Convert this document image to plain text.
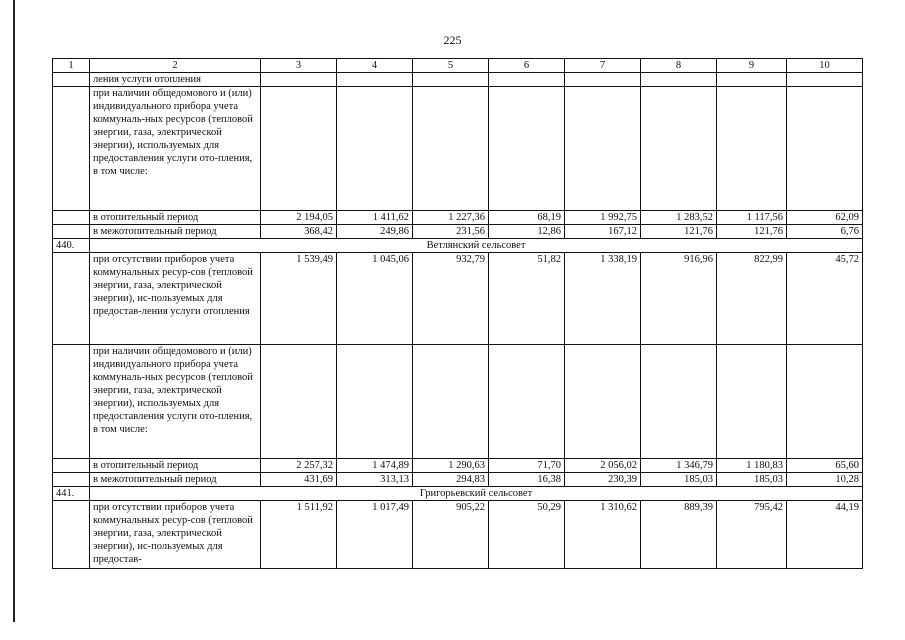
225
1	2	3	4	5	6	7	8	9	10
	ления услуги отопления								
	при наличии общедомового и (или) индивидуального прибора учета коммуналь-ных ресурсов (тепловой энергии, газа, электрической энергии), используемых для предоставления услуги ото-пления, в том числе:								
	в отопительный период	2 194,05	1 411,62	1 227,36	68,19	1 992,75	1 283,52	1 117,56	62,09
	в межотопительный период	368,42	249,86	231,56	12,86	167,12	121,76	121,76	6,76
440.	Ветлянский сельсовет								
	при отсутствии приборов учета коммунальных ресур-сов (тепловой энергии, газа, электрической энергии), ис-пользуемых для предостав-ления услуги отопления	1 539,49	1 045,06	932,79	51,82	1 338,19	916,96	822,99	45,72
	при наличии общедомового и (или) индивидуального прибора учета коммуналь-ных ресурсов (тепловой энергии, газа, электрической энергии), используемых для предоставления услуги ото-пления, в том числе:								
	в отопительный период	2 257,32	1 474,89	1 290,63	71,70	2 056,02	1 346,79	1 180,83	65,60
	в межотопительный период	431,69	313,13	294,83	16,38	230,39	185,03	185,03	10,28
441.	Григорьевский сельсовет								
	при отсутствии приборов учета коммунальных ресур-сов (тепловой энергии, газа, электрической энергии), ис-пользуемых для предостав-	1 511,92	1 017,49	905,22	50,29	1 310,62	889,39	795,42	44,19
